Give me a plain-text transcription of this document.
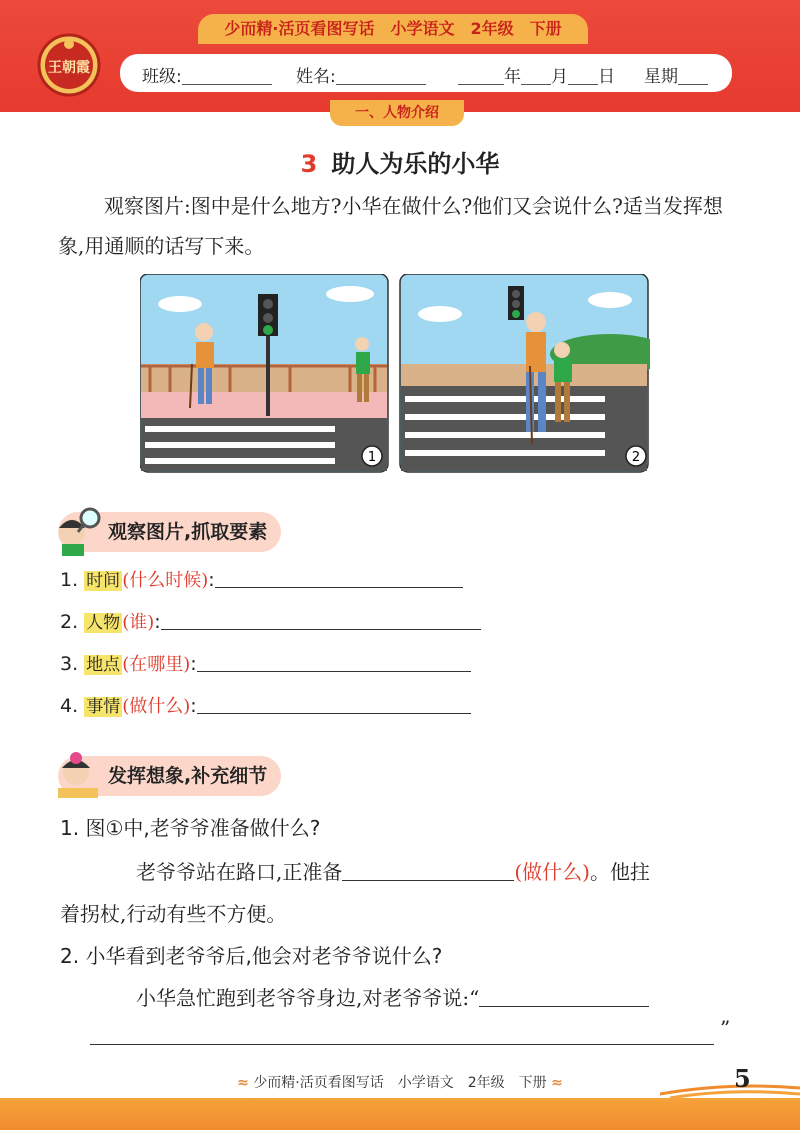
王朝霞
少而精·活页看图写话　小学语文　2年级　下册
班级:	姓名:	年 月 日 星期
一、人物介绍
3 助人为乐的小华
观察图片:图中是什么地方?小华在做什么?他们又会说什么?适当发挥想象,用通顺的话写下来。
1	2
观察图片,抓取要素
1. 时间 (什么时候):
2. 人物 (谁):
3. 地点 (在哪里):
4. 事情 (做什么):
发挥想象,补充细节
1. 图①中,老爷爷准备做什么?
老爷爷站在路口,正准备	(做什么)。他拄
着拐杖,行动有些不方便。
2. 小华看到老爷爷后,他会对老爷爷说什么?
小华急忙跑到老爷爷身边,对老爷爷说:“
”
≈ 少而精·活页看图写话　小学语文　2年级　下册 ≈	5
